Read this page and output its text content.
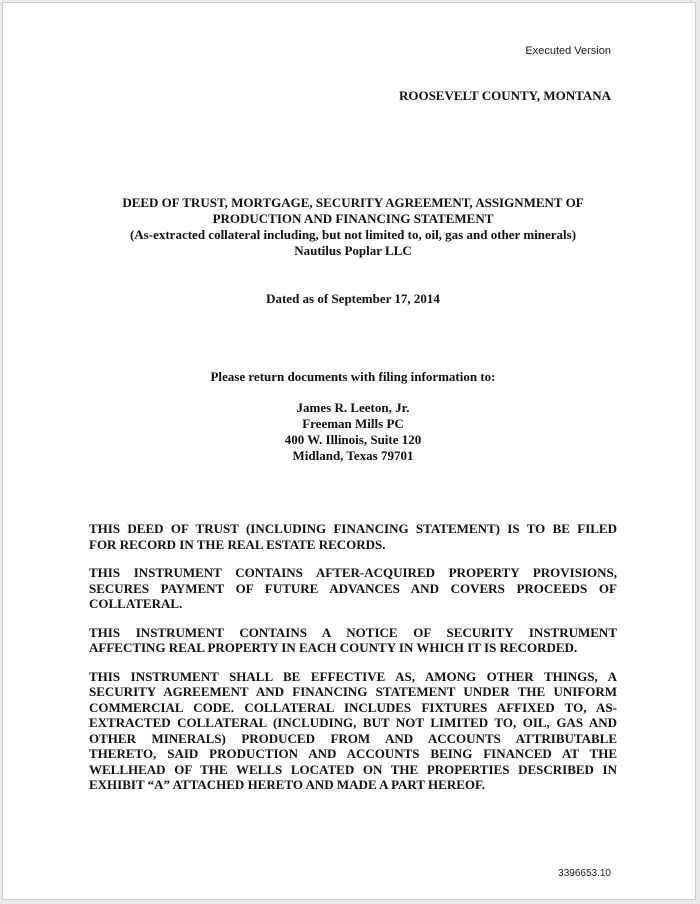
Executed Version
ROOSEVELT COUNTY, MONTANA
DEED OF TRUST, MORTGAGE, SECURITY AGREEMENT, ASSIGNMENT OF
PRODUCTION AND FINANCING STATEMENT
(As-extracted collateral including, but not limited to, oil, gas and other minerals)
Nautilus Poplar LLC
Dated as of September 17, 2014
Please return documents with filing information to:
James R. Leeton, Jr.
Freeman Mills PC
400 W. Illinois, Suite 120
Midland, Texas 79701

THIS DEED OF TRUST (INCLUDING FINANCING STATEMENT) IS TO BE FILED
FOR RECORD IN THE REAL ESTATE RECORDS.

THIS INSTRUMENT CONTAINS AFTER-ACQUIRED PROPERTY PROVISIONS,
SECURES PAYMENT OF FUTURE ADVANCES AND COVERS PROCEEDS OF
COLLATERAL.

THIS INSTRUMENT CONTAINS A NOTICE OF SECURITY INSTRUMENT
AFFECTING REAL PROPERTY IN EACH COUNTY IN WHICH IT IS RECORDED.

THIS INSTRUMENT SHALL BE EFFECTIVE AS, AMONG OTHER THINGS, A
SECURITY AGREEMENT AND FINANCING STATEMENT UNDER THE UNIFORM
COMMERCIAL CODE. COLLATERAL INCLUDES FIXTURES AFFIXED TO, AS-
EXTRACTED COLLATERAL (INCLUDING, BUT NOT LIMITED TO, OIL, GAS AND
OTHER MINERALS) PRODUCED FROM AND ACCOUNTS ATTRIBUTABLE
THERETO, SAID PRODUCTION AND ACCOUNTS BEING FINANCED AT THE
WELLHEAD OF THE WELLS LOCATED ON THE PROPERTIES DESCRIBED IN
EXHIBIT “A” ATTACHED HERETO AND MADE A PART HEREOF.

3396653.10
